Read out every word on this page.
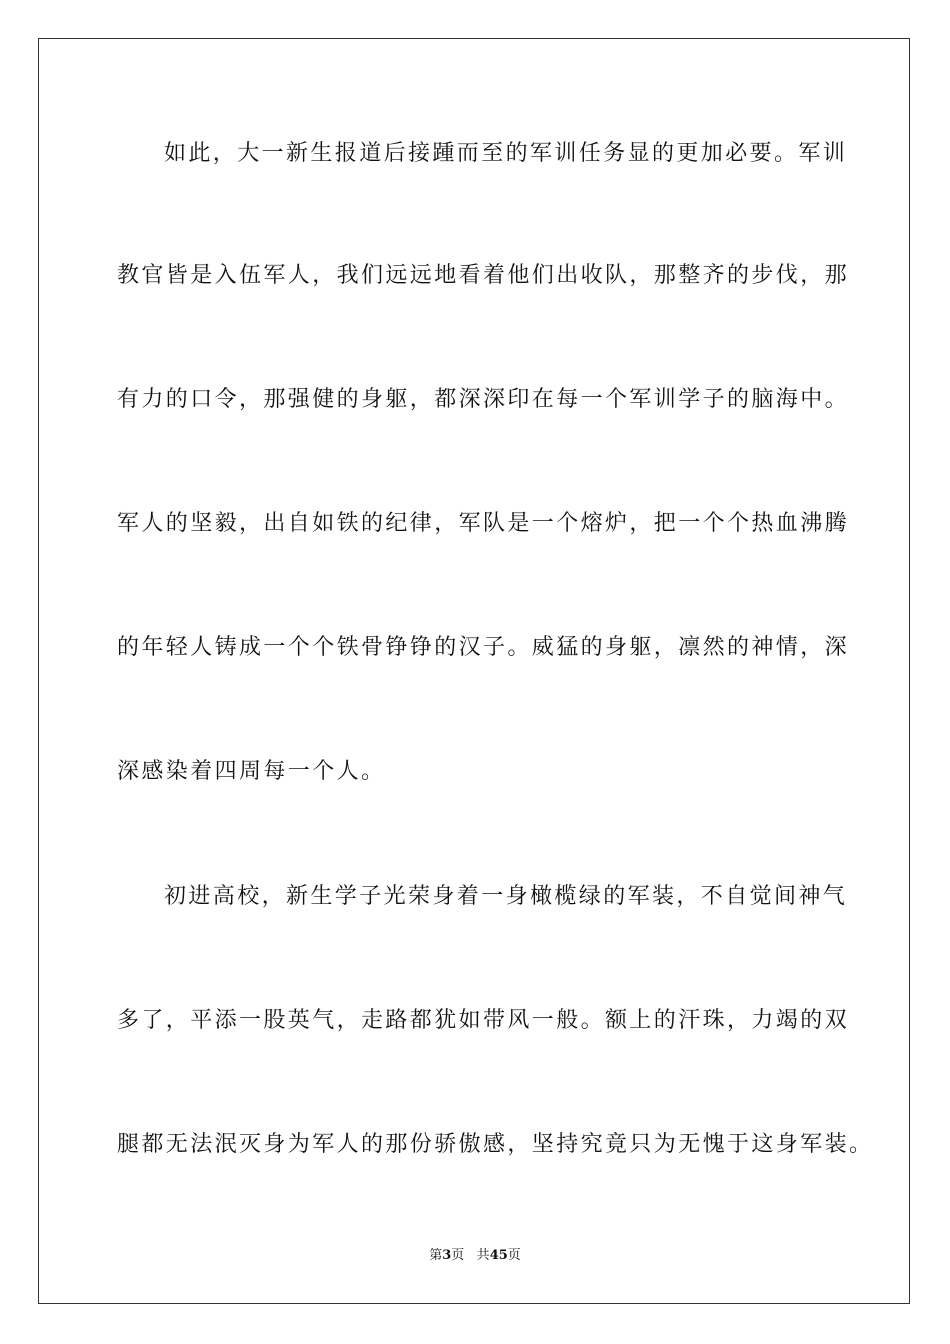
如此，大一新生报道后接踵而至的军训任务显的更加必要。军训
教官皆是入伍军人，我们远远地看着他们出收队，那整齐的步伐，那
有力的口令，那强健的身躯，都深深印在每一个军训学子的脑海中。
军人的坚毅，出自如铁的纪律，军队是一个熔炉，把一个个热血沸腾
的年轻人铸成一个个铁骨铮铮的汉子。威猛的身躯，凛然的神情，深
深感染着四周每一个人。
初进高校，新生学子光荣身着一身橄榄绿的军装，不自觉间神气
多了，平添一股英气，走路都犹如带风一般。额上的汗珠，力竭的双
腿都无法泯灭身为军人的那份骄傲感，坚持究竟只为无愧于这身军装。
第3页 共45页
